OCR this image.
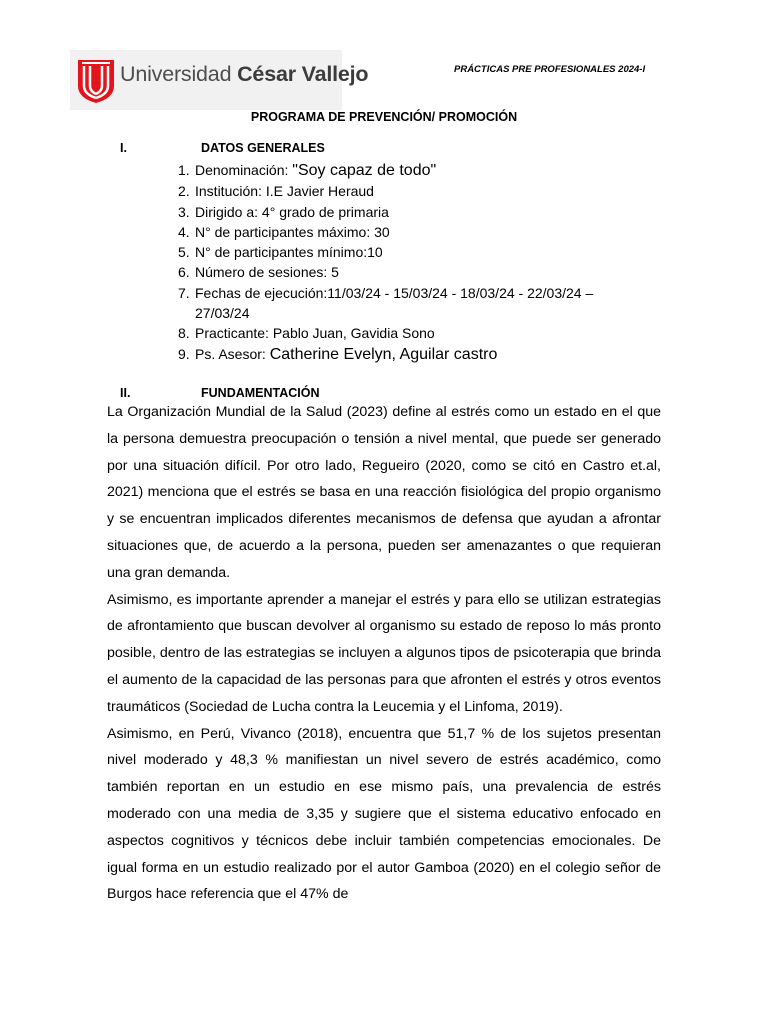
Universidad César Vallejo	PRÁCTICAS PRE PROFESIONALES 2024-I
PROGRAMA DE PREVENCIÓN/ PROMOCIÓN
I.	DATOS GENERALES
1. Denominación: "Soy capaz de todo"
2. Institución: I.E Javier Heraud
3. Dirigido a: 4° grado de primaria
4. N° de participantes máximo: 30
5. N° de participantes mínimo:10
6. Número de sesiones: 5
7. Fechas de ejecución:11/03/24 - 15/03/24 - 18/03/24 - 22/03/24 – 27/03/24
8. Practicante: Pablo Juan, Gavidia Sono
9. Ps. Asesor: Catherine Evelyn, Aguilar castro
II.	FUNDAMENTACIÓN

La Organización Mundial de la Salud (2023) define al estrés como un estado en el que la persona demuestra preocupación o tensión a nivel mental, que puede ser generado por una situación difícil. Por otro lado, Regueiro (2020, como se citó en Castro et.al, 2021) menciona que el estrés se basa en una reacción fisiológica del propio organismo y se encuentran implicados diferentes mecanismos de defensa que ayudan a afrontar situaciones que, de acuerdo a la persona, pueden ser amenazantes o que requieran una gran demanda.

Asimismo, es importante aprender a manejar el estrés y para ello se utilizan estrategias de afrontamiento que buscan devolver al organismo su estado de reposo lo más pronto posible, dentro de las estrategias se incluyen a algunos tipos de psicoterapia que brinda el aumento de la capacidad de las personas para que afronten el estrés y otros eventos traumáticos (Sociedad de Lucha contra la Leucemia y el Linfoma, 2019).

Asimismo, en Perú, Vivanco (2018), encuentra que 51,7 % de los sujetos presentan nivel moderado y 48,3 % manifiestan un nivel severo de estrés académico, como también reportan en un estudio en ese mismo país, una prevalencia de estrés moderado con una media de 3,35 y sugiere que el sistema educativo enfocado en aspectos cognitivos y técnicos debe incluir también competencias emocionales. De igual forma en un estudio realizado por el autor Gamboa (2020) en el colegio señor de Burgos hace referencia que el 47% de
